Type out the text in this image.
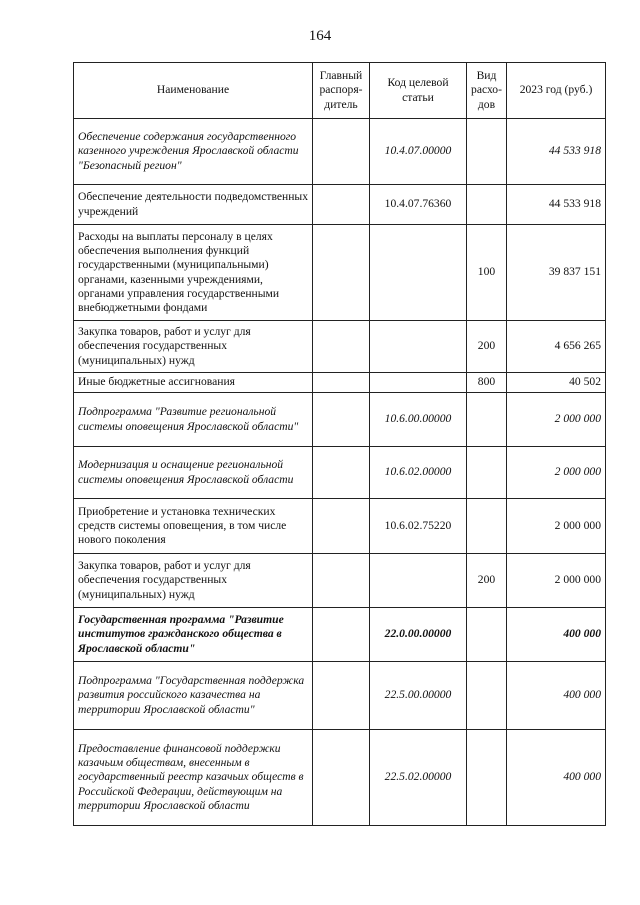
164
Наименование	Главный распоря-дитель	Код целевой статьи	Вид расхо-дов	2023 год (руб.)
Обеспечение содержания государственного казенного учреждения Ярославской области "Безопасный регион"		10.4.07.00000		44 533 918
Обеспечение деятельности подведомственных учреждений		10.4.07.76360		44 533 918
Расходы на выплаты персоналу в целях обеспечения выполнения функций государственными (муниципальными) органами, казенными учреждениями, органами управления государственными внебюджетными фондами			100	39 837 151
Закупка товаров, работ и услуг для обеспечения государственных (муниципальных) нужд			200	4 656 265
Иные бюджетные ассигнования			800	40 502
Подпрограмма "Развитие региональной системы оповещения Ярославской области"		10.6.00.00000		2 000 000
Модернизация и оснащение региональной системы оповещения Ярославской области		10.6.02.00000		2 000 000
Приобретение и установка технических средств системы оповещения, в том числе нового поколения		10.6.02.75220		2 000 000
Закупка товаров, работ и услуг для обеспечения государственных (муниципальных) нужд			200	2 000 000
Государственная программа "Развитие институтов гражданского общества в Ярославской области"		22.0.00.00000		400 000
Подпрограмма "Государственная поддержка развития российского казачества на территории Ярославской области"		22.5.00.00000		400 000
Предоставление финансовой поддержки казачьим обществам, внесенным в государственный реестр казачьих обществ в Российской Федерации, действующим на территории Ярославской области		22.5.02.00000		400 000
